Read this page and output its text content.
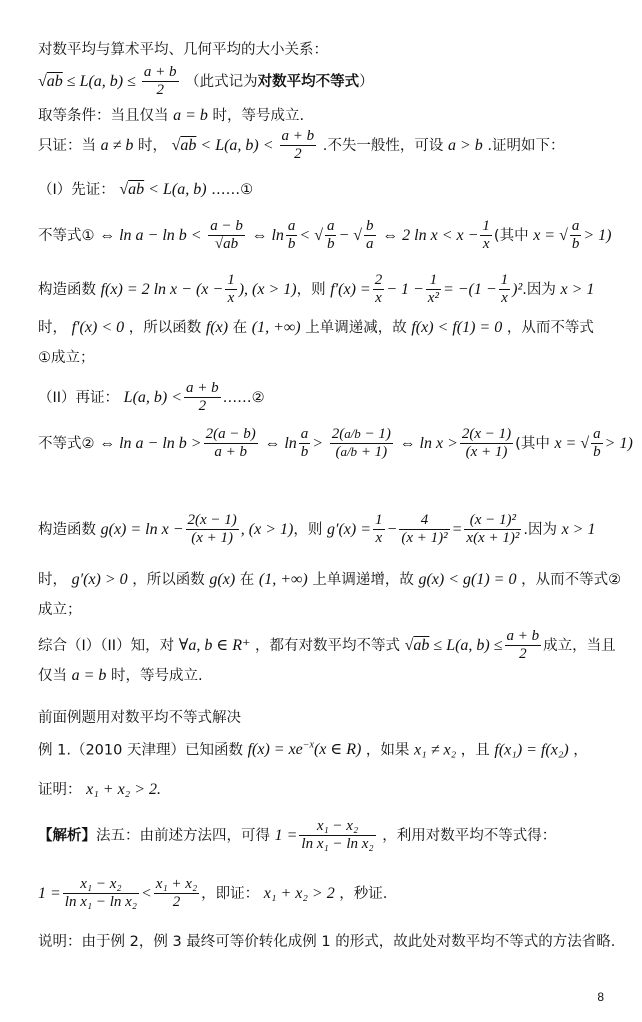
对数平均与算术平均、几何平均的大小关系：
√ab ≤ L(a, $b) \le \frac{a + b}{2}$ （此式记为对数平均不等式）
取等条件：当且仅当 a = b 时，等号成立.
只证：当 a ≠ b 时， √ab < L(a, $b) < \frac{a + b}{2}$ .不失一般性，可设 a > b .证明如下：
（I）先证： √ab < L(a, b) ……①
不等式① ⇔ $\ln a - \ln b < \frac{a - b}{√ab}$ ⇔ $\ln \frac{a}{b}$ < √ $\frac{a}{b}$ − √ $\frac{b}{a}$ ⇔ 2 $\ln x < x - \frac{1}{x}$ (其中 x = √ $\frac{a}{b} > 1$)
构造函数 f(x) = 2 $\ln x - (x - \frac{1}{x}$ ), (x > 1)，则 $f'(x) = \frac{2}{x} - 1 - \frac{1}{\text{x²}} = -(1 - \frac{1}{x} )^2$.因为 x > 1
时， f′(x) < 0 ，所以函数 f(x) 在 (1, +∞) 上单调递减，故 f(x) < f(1) = 0 ，从而不等式
①成立；
（II）再证： L(a, $b) < \frac{a + b}{2}$ ……②
不等式② ⇔ $\ln a - \ln b > \frac{2(a - b)}{a + b}$ ⇔ $\ln \frac{a}{b} > \frac{2(a/b - 1)}{(a/b + 1)}$ ⇔ $\ln x > \frac{2(x - 1)}{(x + 1)}$ (其中 x = √ $\frac{a}{b} > 1$)
构造函数 $g(x) = \ln x - \frac{2(x - 1)}{(x + 1)}$ , (x > 1)，则 $g'(x) = \frac{1}{x} - \frac{4}{\text{(x + 1)²}} = \frac{\text{(x − 1)²}}{\text{x(x + 1)²}}$ .因为 x > 1
时， g′(x) > 0 ，所以函数 g(x) 在 (1, +∞) 上单调递增，故 g(x) < g(1) = 0 ，从而不等式②
成立；
综合（I）（II）知，对 ∀a, b ∈ R⁺ ，都有对数平均不等式 √ab ≤ L(a, $b) \le \frac{a + b}{2}$ 成立，当且
仅当 a = b 时，等号成立.
前面例题用对数平均不等式解决
例 1.（2010 天津理）已知函数 $f(x) = xe^{-x}(x$ ∈ R) ，如果 x₁ ≠ x₂ ，且 f(x₁) = f(x₂) ，
证明： x₁ + x₂ > 2.
【解析】法五：由前述方法四，可得 $1 = \frac{\text{x₁ − x₂}}{\text{ln x₁ − ln x₂}}$ ，利用对数平均不等式得：
$1 = \frac{\text{x₁ − x₂}}{\text{ln x₁ − ln x₂}} < \frac{\text{x₁ + x₂}}{2}$ ，即证： x₁ + x₂ > 2 ，秒证.
说明：由于例 2，例 3 最终可等价转化成例 1 的形式，故此处对数平均不等式的方法省略.
8
